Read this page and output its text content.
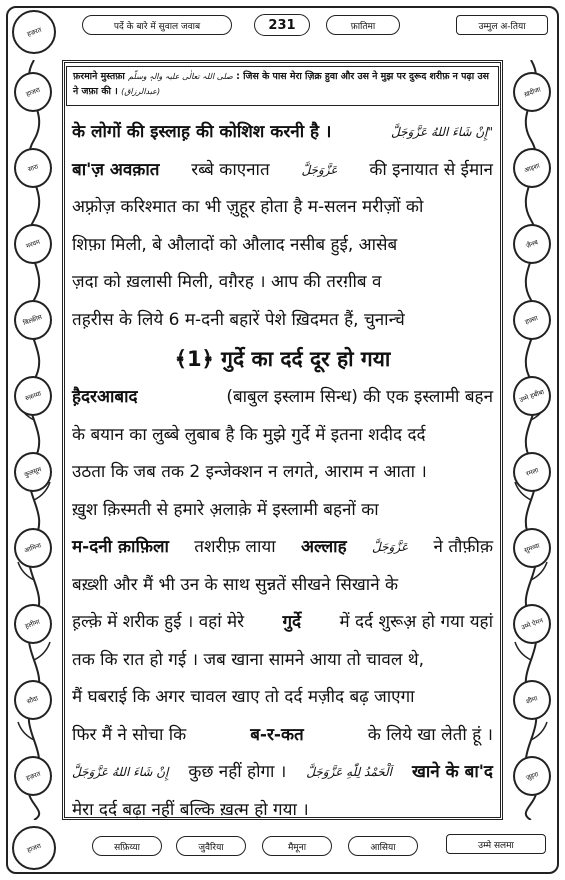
हाजरा
सारा
मरयम
बिल्क़ीस
रुक़य्या
कुलसूम
आमिना
ह़लीमा
सौदा
हज़रत
ख़दीजा
आइशा
ज़ैनब
हफ़्सा
उम्मे हबीबा
रमला
सुमय्या
उम्मे ऐमन
शीमा
ज़ुहरा
हज़रत	पर्दे के बारे में सुवाल जवाब	231	फ़ातिमा	उम्मुल अ-तिया
फ़रमाने मुस्तफ़ा صلی اللہ تعالٰی علیہ والہٖ وسلّم : जिस के पास मेरा ज़िक्र हुवा और उस ने मुझ पर दुरूद शरीफ़ न पढ़ा उस
ने जफ़ा की । (عبدالرزاق)
के लोगों की इस्लाह़ की कोशिश करनी है ।	إِنْ شَاءَ اللهُ عَزَّوَجَلَّ"
बा'ज़ अवक़ात रब्बे काएनात	عَزَّوَجَلَّ की इनायात से ईमान
अफ़्रोज़ करिश्मात का भी ज़ुहूर होता है म-सलन मरीज़ों को
शिफ़ा मिली, बे औलादों को औलाद नसीब हुई, आसेब
ज़दा को ख़लासी मिली, वग़ैरह । आप की तरग़ीब व
तह़रीस के लिये 6 म-दनी बहारें पेशे ख़िदमत हैं, चुनान्चे
﴾1﴿ गुर्दे का दर्द दूर हो गया
ह़ैदरआबाद	(बाबुल इस्लाम सिन्ध) की एक इस्लामी बहन
के बयान का लुब्बे लुबाब है कि मुझे गुर्दे में इतना शदीद दर्द
उठता कि जब तक 2 इन्जेक्शन न लगते, आराम न आता ।
ख़ुश क़िस्मती से हमारे अ़लाक़े में इस्लामी बहनों का
म-दनी क़ाफ़िला तशरीफ़ लाया अल्लाह عَزَّوَجَلَّ ने तौफ़ीक़
बख़्शी और मैं भी उन के साथ सुन्नतें सीखने सिखाने के
ह़ल्क़े में शरीक हुई । वहां मेरे गुर्दे में दर्द शुरूअ़ हो गया यहां
तक कि रात हो गई । जब खाना सामने आया तो चावल थे,
मैं घबराई कि अगर चावल खाए तो दर्द मज़ीद बढ़ जाएगा
फिर मैं ने सोचा कि	ब-र-कत	के लिये खा लेती हूं ।
إِنْ شَاءَ اللهُ عَزَّوَجَلَّ कुछ नहीं होगा । اَلْحَمْدُ لِلّٰهِ عَزَّوَجَلَّ खाने के बा'द
मेरा दर्द बढ़ा नहीं बल्कि ख़त्म हो गया ।
हाजरा	सफ़िय्या	जुवैरिया	मैमूना	आसिया	उम्मे सलमा
